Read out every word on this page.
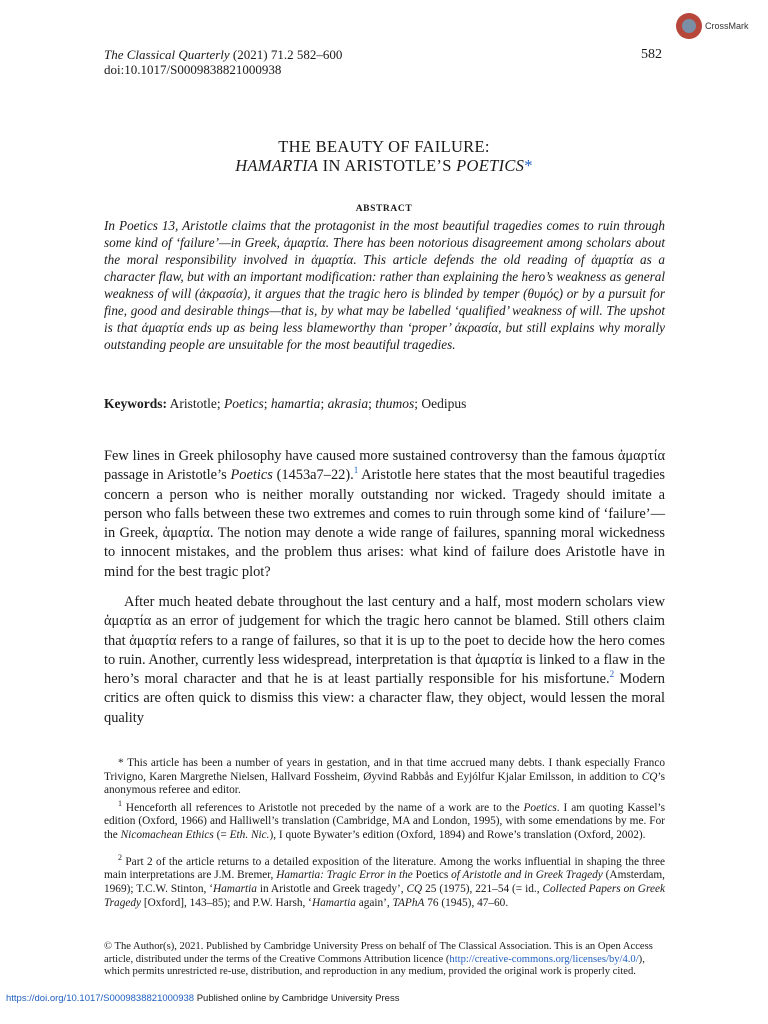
CrossMark
The Classical Quarterly (2021) 71.2 582–600
doi:10.1017/S0009838821000938
582
THE BEAUTY OF FAILURE:
HAMARTIA IN ARISTOTLE’S POETICS*
ABSTRACT
In Poetics 13, Aristotle claims that the protagonist in the most beautiful tragedies comes to ruin through some kind of ‘failure’—in Greek, ἁμαρτία. There has been notorious disagreement among scholars about the moral responsibility involved in ἁμαρτία. This article defends the old reading of ἁμαρτία as a character flaw, but with an important modification: rather than explaining the hero’s weakness as general weakness of will (ἀκρασία), it argues that the tragic hero is blinded by temper (θυμός) or by a pursuit for fine, good and desirable things—that is, by what may be labelled ‘qualified’ weakness of will. The upshot is that ἁμαρτία ends up as being less blameworthy than ‘proper’ ἀκρασία, but still explains why morally outstanding people are unsuitable for the most beautiful tragedies.
Keywords: Aristotle; Poetics; hamartia; akrasia; thumos; Oedipus
Few lines in Greek philosophy have caused more sustained controversy than the famous ἁμαρτία passage in Aristotle’s Poetics (1453a7–22).$^1$ Aristotle here states that the most beautiful tragedies concern a person who is neither morally outstanding nor wicked. Tragedy should imitate a person who falls between these two extremes and comes to ruin through some kind of ‘failure’—in Greek, ἁμαρτία. The notion may denote a wide range of failures, spanning moral wickedness to innocent mistakes, and the problem thus arises: what kind of failure does Aristotle have in mind for the best tragic plot?
After much heated debate throughout the last century and a half, most modern scholars view ἁμαρτία as an error of judgement for which the tragic hero cannot be blamed. Still others claim that ἁμαρτία refers to a range of failures, so that it is up to the poet to decide how the hero comes to ruin. Another, currently less widespread, interpretation is that ἁμαρτία is linked to a flaw in the hero’s moral character and that he is at least partially responsible for his misfortune.$^2$ Modern critics are often quick to dismiss this view: a character flaw, they object, would lessen the moral quality
* This article has been a number of years in gestation, and in that time accrued many debts. I thank especially Franco Trivigno, Karen Margrethe Nielsen, Hallvard Fossheim, Øyvind Rabbås and Eyjólfur Kjalar Emilsson, in addition to CQ’s anonymous referee and editor.
$^1$ Henceforth all references to Aristotle not preceded by the name of a work are to the Poetics. I am quoting Kassel’s edition (Oxford, 1966) and Halliwell’s translation (Cambridge, MA and London, 1995), with some emendations by me. For the Nicomachean Ethics (= Eth. Nic.), I quote Bywater’s edition (Oxford, 1894) and Rowe’s translation (Oxford, 2002).
$^2$ Part 2 of the article returns to a detailed exposition of the literature. Among the works influential in shaping the three main interpretations are J.M. Bremer, Hamartia: Tragic Error in the Poetics of Aristotle and in Greek Tragedy (Amsterdam, 1969); T.C.W. Stinton, ‘Hamartia in Aristotle and Greek tragedy’, CQ 25 (1975), 221–54 (= id., Collected Papers on Greek Tragedy [Oxford], 143–85); and P.W. Harsh, ‘Hamartia again’, TAPhA 76 (1945), 47–60.
© The Author(s), 2021. Published by Cambridge University Press on behalf of The Classical Association. This is an Open Access article, distributed under the terms of the Creative Commons Attribution licence (http://creative-commons.org/licenses/by/4.0/), which permits unrestricted re-use, distribution, and reproduction in any medium, provided the original work is properly cited.
https://doi.org/10.1017/S0009838821000938 Published online by Cambridge University Press
